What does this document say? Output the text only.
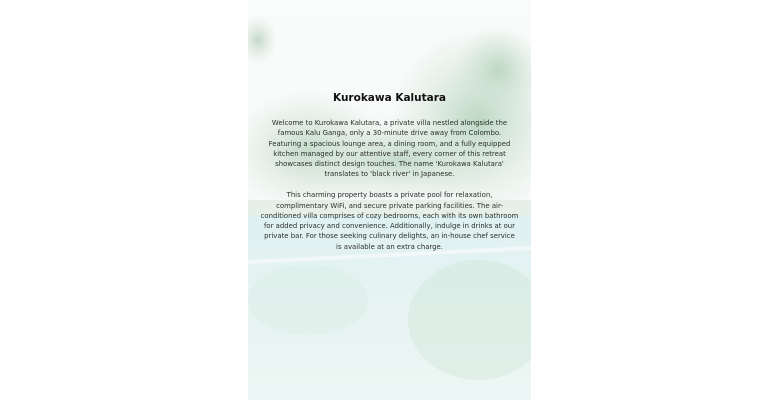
Kurokawa Kalutara

Welcome to Kurokawa Kalutara, a private villa nestled alongside the famous Kalu Ganga, only a 30-minute drive away from Colombo. Featuring a spacious lounge area, a dining room, and a fully equipped kitchen managed by our attentive staff, every corner of this retreat showcases distinct design touches. The name 'Kurokawa Kalutara' translates to 'black river' in Japanese.

This charming property boasts a private pool for relaxation, complimentary WiFi, and secure private parking facilities. The air-conditioned villa comprises of cozy bedrooms, each with its own bathroom for added privacy and convenience. Additionally, indulge in drinks at our private bar. For those seeking culinary delights, an in-house chef service is available at an extra charge.
